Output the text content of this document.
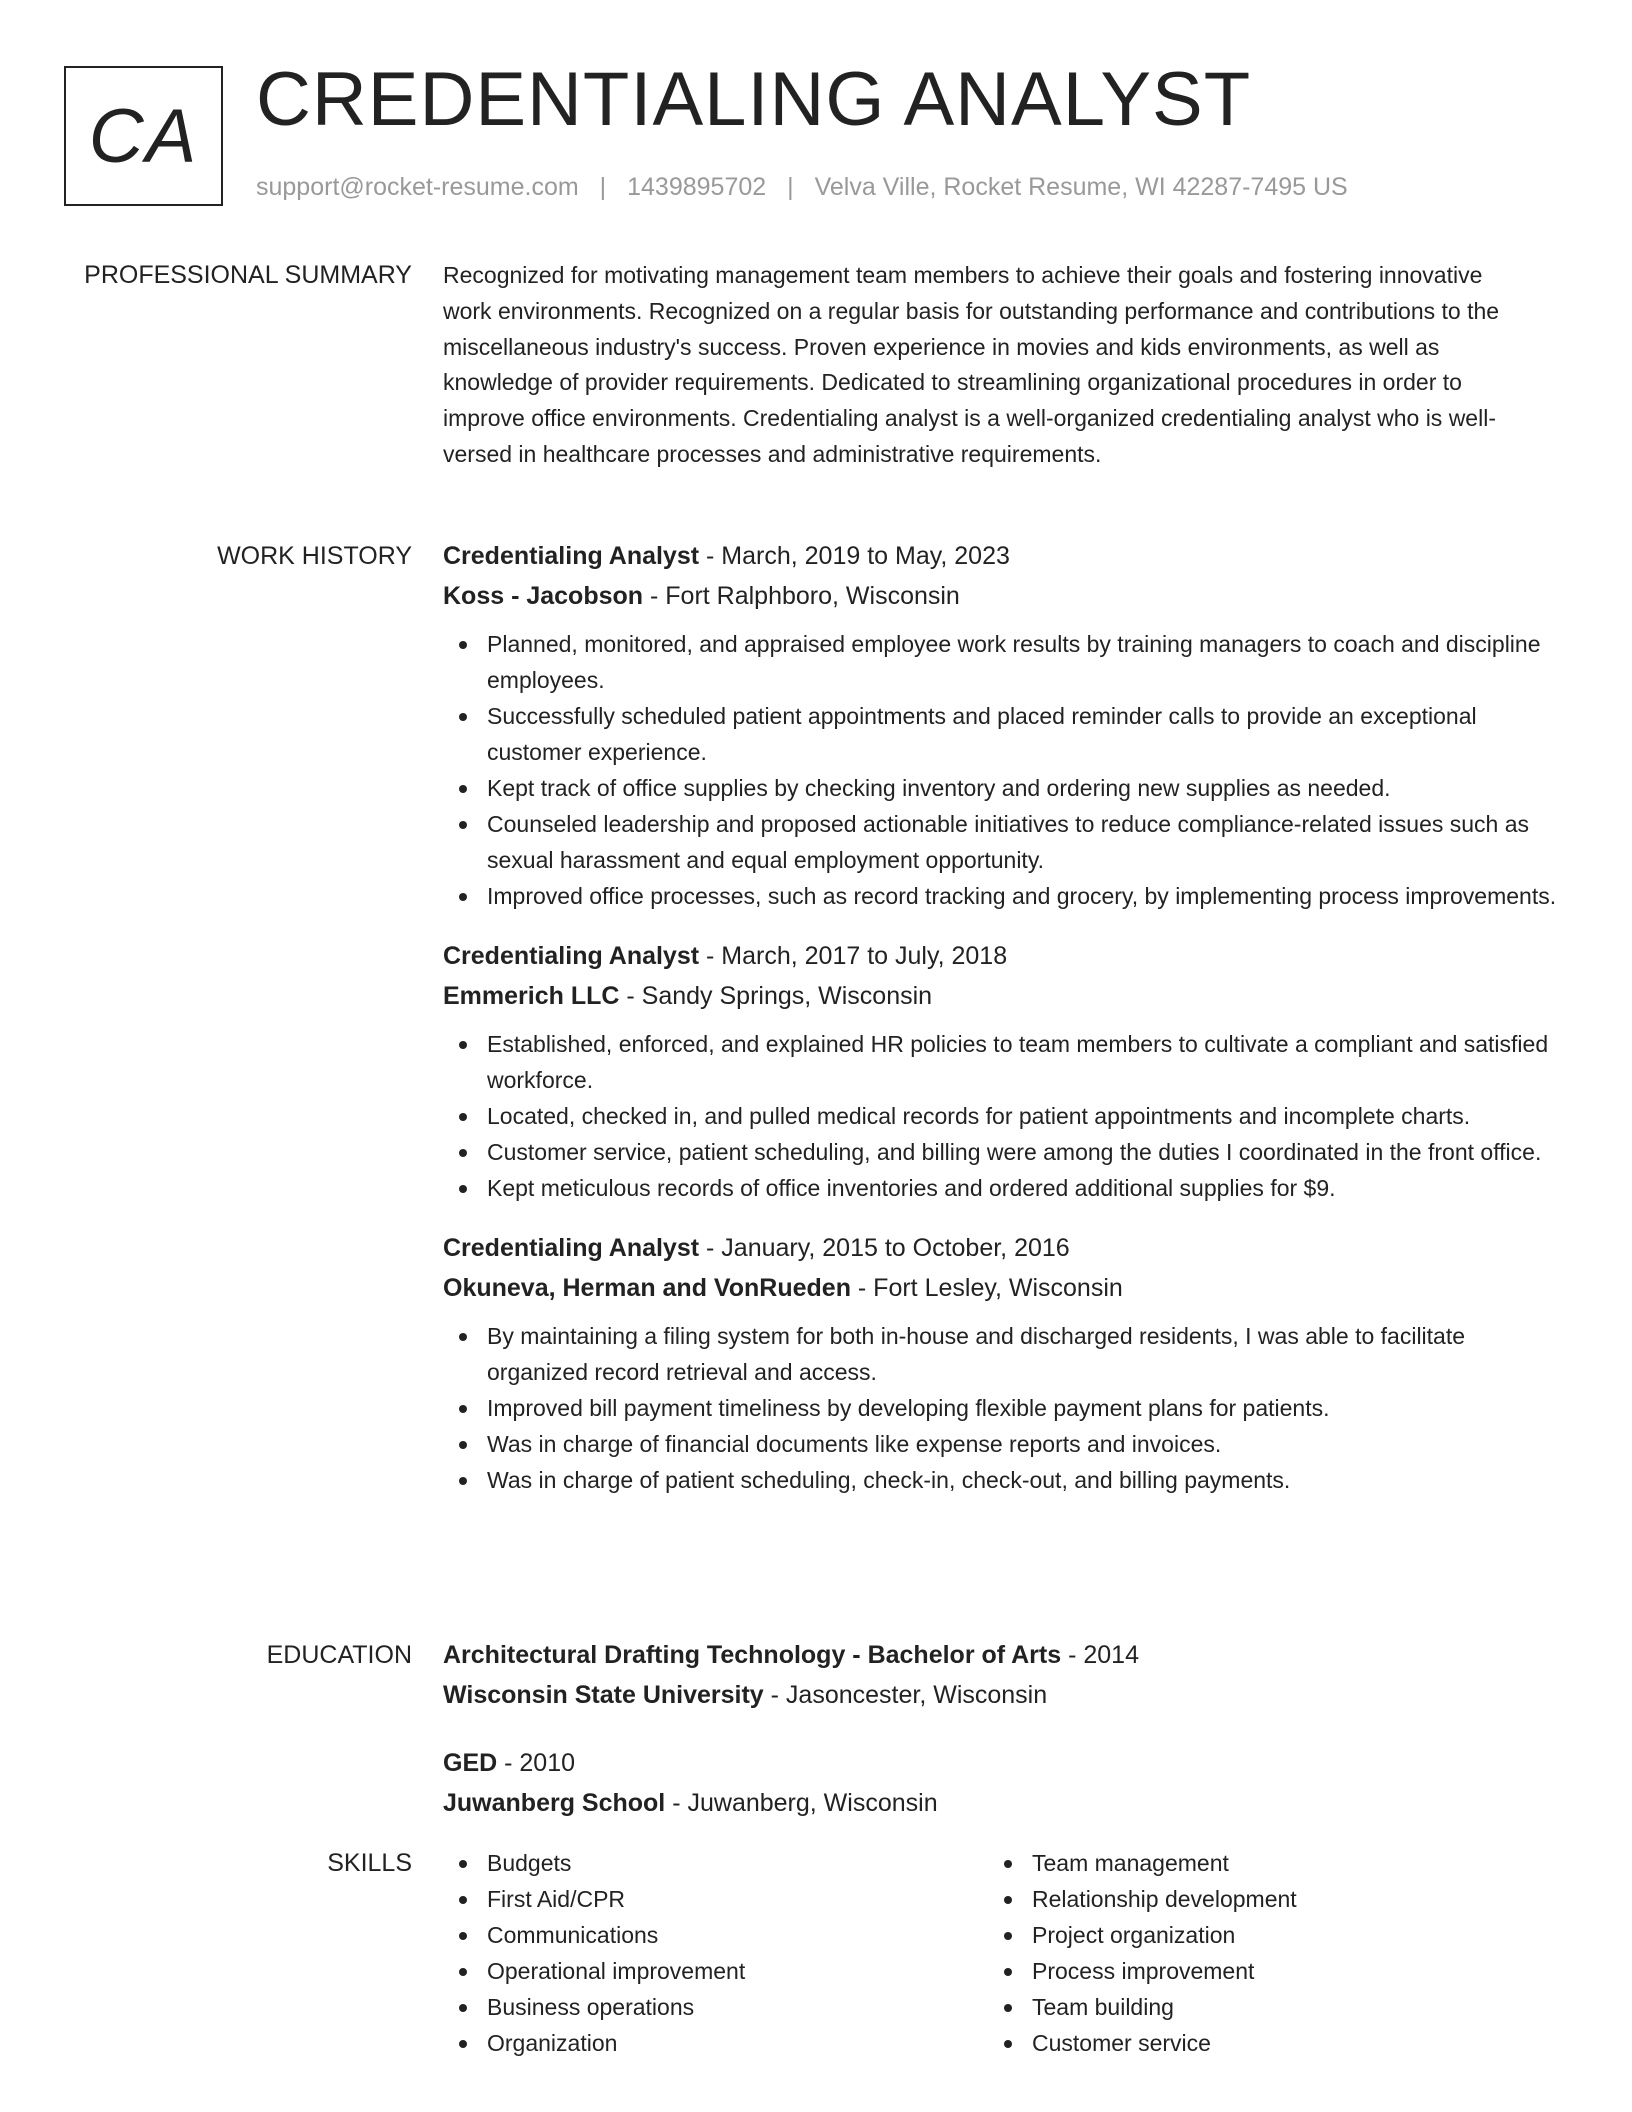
CA CREDENTIALING ANALYST
support@rocket-resume.com | 1439895702 | Velva Ville, Rocket Resume, WI 42287-7495 US
PROFESSIONAL SUMMARY Recognized for motivating management team members to achieve their goals and fostering innovative work environments. Recognized on a regular basis for outstanding performance and contributions to the miscellaneous industry's success. Proven experience in movies and kids environments, as well as knowledge of provider requirements. Dedicated to streamlining organizational procedures in order to improve office environments. Credentialing analyst is a well-organized credentialing analyst who is well-versed in healthcare processes and administrative requirements.

WORK HISTORY Credentialing Analyst - March, 2019 to May, 2023
Koss - Jacobson - Fort Ralphboro, Wisconsin
Planned, monitored, and appraised employee work results by training managers to coach and discipline employees.
Successfully scheduled patient appointments and placed reminder calls to provide an exceptional customer experience.
Kept track of office supplies by checking inventory and ordering new supplies as needed.
Counseled leadership and proposed actionable initiatives to reduce compliance-related issues such as sexual harassment and equal employment opportunity.
Improved office processes, such as record tracking and grocery, by implementing process improvements.
Credentialing Analyst - March, 2017 to July, 2018
Emmerich LLC - Sandy Springs, Wisconsin
Established, enforced, and explained HR policies to team members to cultivate a compliant and satisfied workforce.
Located, checked in, and pulled medical records for patient appointments and incomplete charts.
Customer service, patient scheduling, and billing were among the duties I coordinated in the front office.
Kept meticulous records of office inventories and ordered additional supplies for $9.
Credentialing Analyst - January, 2015 to October, 2016
Okuneva, Herman and VonRueden - Fort Lesley, Wisconsin
By maintaining a filing system for both in-house and discharged residents, I was able to facilitate organized record retrieval and access.
Improved bill payment timeliness by developing flexible payment plans for patients.
Was in charge of financial documents like expense reports and invoices.
Was in charge of patient scheduling, check-in, check-out, and billing payments.
EDUCATION Architectural Drafting Technology - Bachelor of Arts - 2014
Wisconsin State University - Jasoncester, Wisconsin
GED - 2010
Juwanberg School - Juwanberg, Wisconsin
SKILLS	Budgets
First Aid/CPR
Communications
Operational improvement
Business operations
Organization
Team management
Relationship development
Project organization
Process improvement
Team building
Customer service
